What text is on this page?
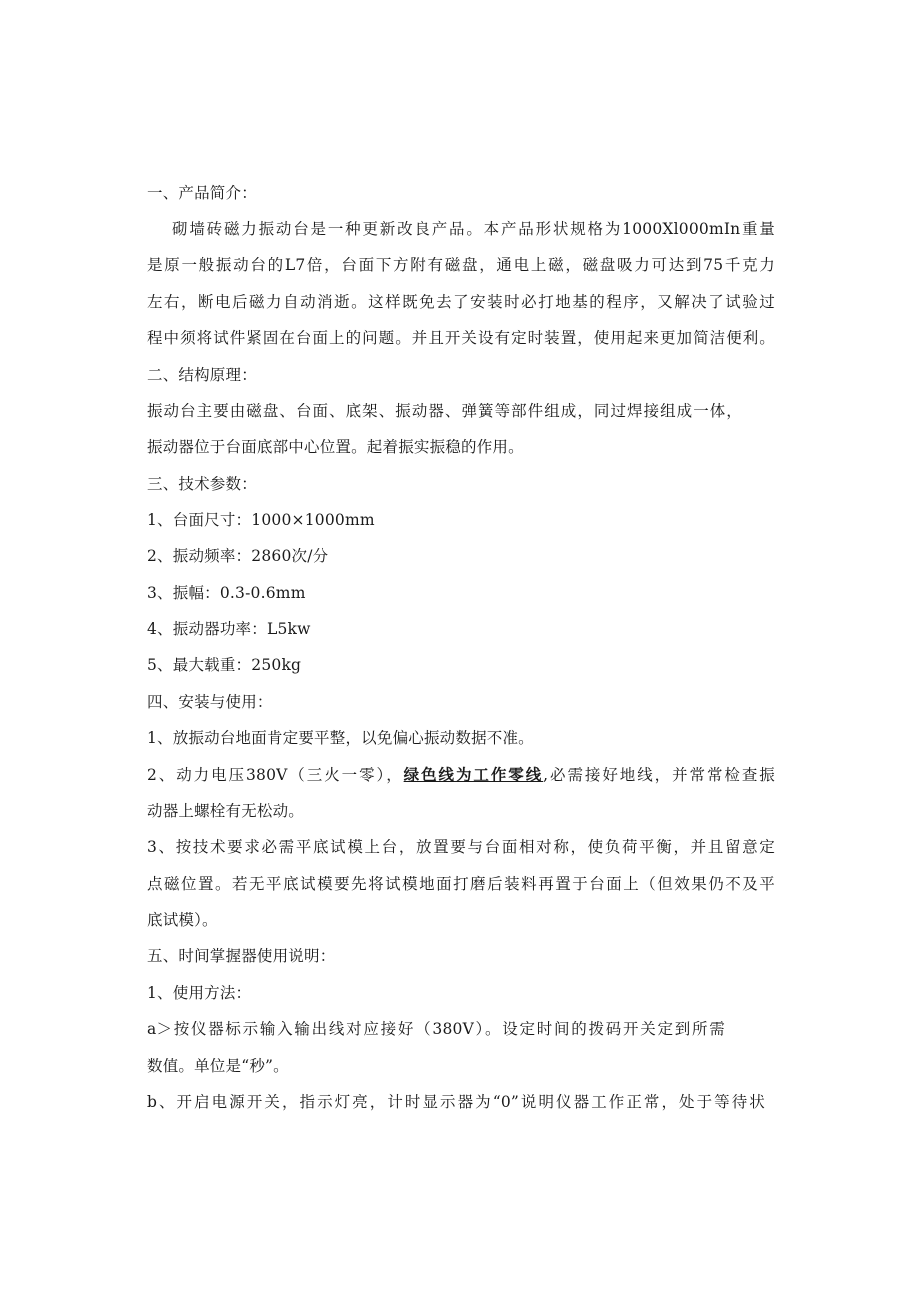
一、产品简介：
砌墙砖磁力振动台是一种更新改良产品。本产品形状规格为1000Xl000mIn重量
是原一般振动台的L7倍，台面下方附有磁盘，通电上磁，磁盘吸力可达到75千克力
左右，断电后磁力自动消逝。这样既免去了安装时必打地基的程序，又解决了试验过
程中须将试件紧固在台面上的问题。并且开关设有定时装置，使用起来更加简洁便利。
二、结构原理：
振动台主要由磁盘、台面、底架、振动器、弹簧等部件组成，同过焊接组成一体，
振动器位于台面底部中心位置。起着振实振稳的作用。
三、技术参数：
1、台面尺寸：1000×1000mm
2、振动频率：2860次/分
3、振幅：0.3-0.6mm
4、振动器功率：L5kw
5、最大载重：250kg
四、安装与使用：
1、放振动台地面肯定要平整，以免偏心振动数据不准。
2、动力电压380V（三火一零），绿色线为工作零线,必需接好地线，并常常检查振
动器上螺栓有无松动。
3、按技术要求必需平底试模上台，放置要与台面相对称，使负荷平衡，并且留意定
点磁位置。若无平底试模要先将试模地面打磨后装料再置于台面上（但效果仍不及平
底试模）。
五、时间掌握器使用说明：
1、使用方法：
a＞按仪器标示输入输出线对应接好（380V）。设定时间的拨码开关定到所需
数值。单位是“秒”。
b、开启电源开关，指示灯亮，计时显示器为“0”说明仪器工作正常，处于等待状
